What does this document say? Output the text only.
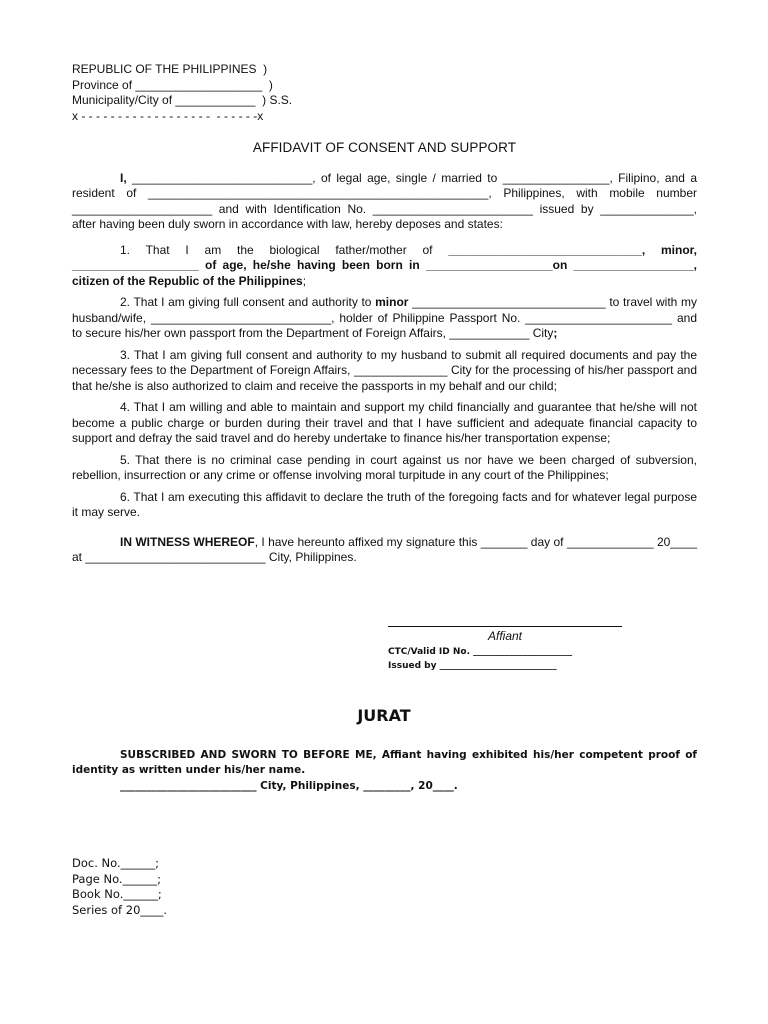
REPUBLIC OF THE PHILIPPINES  )
Province of ___________________  )
Municipality/City of ____________  ) S.S.
x - - - - - - - - - - - - - - - - - -  - - - - - -x
AFFIDAVIT OF CONSENT AND SUPPORT
I, ___________________________, of legal age, single / married to ________________, Filipino, and a resident of ___________________________________________________, Philippines, with mobile number _____________________ and with Identification No. ________________________ issued by ______________, after having been duly sworn in accordance with law, hereby deposes and states:
1. That I am the biological father/mother of _____________________________, minor, ___________________ of age, he/she having been born in ___________________on __________________, citizen of the Republic of the Philippines;
2. That I am giving full consent and authority to minor _____________________________ to travel with my husband/wife, ___________________________, holder of Philippine Passport No. ______________________ and to secure his/her own passport from the Department of Foreign Affairs, ____________ City;
3. That I am giving full consent and authority to my husband to submit all required documents and pay the necessary fees to the Department of Foreign Affairs, ______________ City for the processing of his/her passport and that he/she is also authorized to claim and receive the passports in my behalf and our child;
4. That I am willing and able to maintain and support my child financially and guarantee that he/she will not become a public charge or burden during their travel and that I have sufficient and adequate financial capacity to support and defray the said travel and do hereby undertake to finance his/her transportation expense;
5. That there is no criminal case pending in court against us nor have we been charged of subversion, rebellion, insurrection or any crime or offense involving moral turpitude in any court of the Philippines;
6. That I am executing this affidavit to declare the truth of the foregoing facts and for whatever legal purpose it may serve.
IN WITNESS WHEREOF, I have hereunto affixed my signature this _______ day of _____________ 20____ at ___________________________ City, Philippines.
Affiant
CTC/Valid ID No. ______________________
Issued by __________________________
JURAT
SUBSCRIBED AND SWORN TO BEFORE ME, Affiant having exhibited his/her competent proof of identity as written under his/her name.
__________________________ City, Philippines, _________, 20____.
Doc. No.______;
Page No.______;
Book No.______;
Series of 20____.
